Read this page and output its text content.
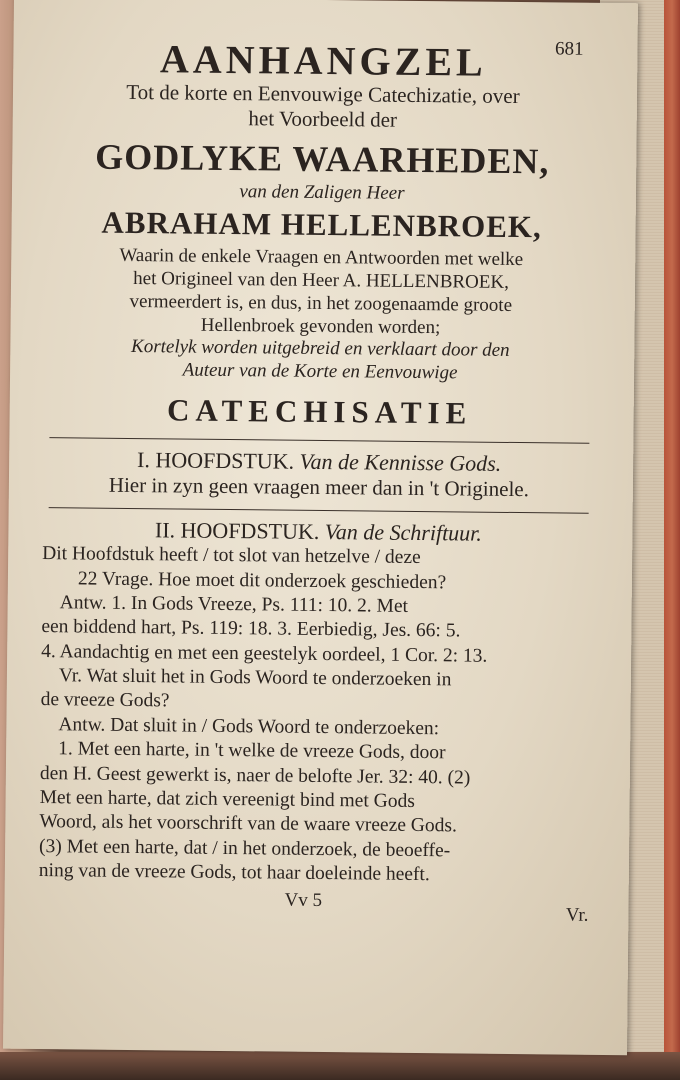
681
AANHANGZEL

Tot de korte en Eenvouwige Catechizatie, over

het Voorbeeld der

GODLYKE WAARHEDEN,

van den Zaligen Heer

ABRAHAM HELLENBROEK,

Waarin de enkele Vraagen en Antwoorden met welke

het Origineel van den Heer A. HELLENBROEK,

vermeerdert is, en dus, in het zoogenaamde groote

Hellenbroek gevonden worden;

Kortelyk worden uitgebreid en verklaart door den

Auteur van de Korte en Eenvouwige

CATECHISATIE

I. HOOFDSTUK. Van de Kennisse Gods.

Hier in zyn geen vraagen meer dan in 't Originele.

II. HOOFDSTUK. Van de Schriftuur.

Dit Hoofdstuk heeft / tot slot van hetzelve / deze

22 Vrage. Hoe moet dit onderzoek geschieden?

Antw. 1. In Gods Vreeze, Ps. 111: 10. 2. Met

een biddend hart, Ps. 119: 18. 3. Eerbiedig, Jes. 66: 5.

4. Aandachtig en met een geestelyk oordeel, 1 Cor. 2: 13.

Vr. Wat sluit het in Gods Woord te onderzoeken in

de vreeze Gods?

Antw. Dat sluit in / Gods Woord te onderzoeken:

1. Met een harte, in 't welke de vreeze Gods, door

den H. Geest gewerkt is, naer de belofte Jer. 32: 40. (2)

Met een harte, dat zich vereenigt bind met Gods

Woord, als het voorschrift van de waare vreeze Gods.

(3) Met een harte, dat / in het onderzoek, de beoeffe-

ning van de vreeze Gods, tot haar doeleinde heeft.

Vv 5
Vr.
